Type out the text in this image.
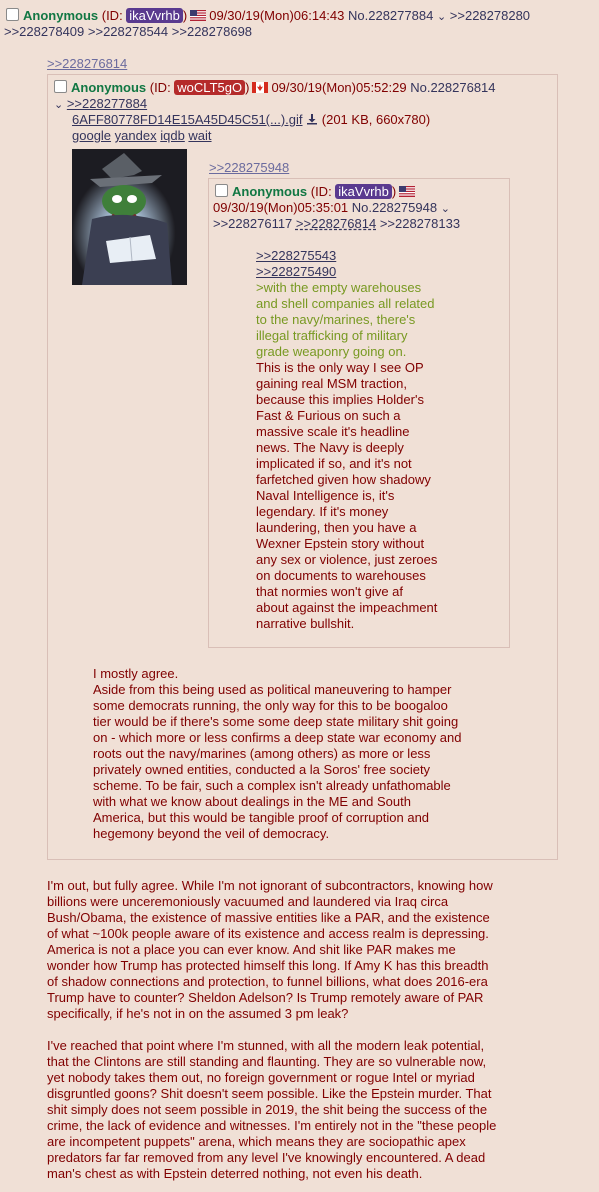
Anonymous (ID: ikaVvrhb ) 09/30/19(Mon)06:14:43 No.228277884 ⌄ >>228278280
>>228278409 >>228278544 >>228278698
>>228276814
Anonymous (ID: woCLT5gO ) 09/30/19(Mon)05:52:29 No.228276814
⌄ >>228277884
6AFF80778FD14E15A45D45C51(...).gif (201 KB, 660x780)
google yandex iqdb wait
>>228275948
Anonymous (ID: ikaVvrhb )
09/30/19(Mon)05:35:01 No.228275948 ⌄
>>228276117 >>228276814 >>228278133
>>228275543
>>228275490
>with the empty warehouses
and shell companies all related
to the navy/marines, there's
illegal trafficking of military
grade weaponry going on.
This is the only way I see OP
gaining real MSM traction,
because this implies Holder's
Fast & Furious on such a
massive scale it's headline
news. The Navy is deeply
implicated if so, and it's not
farfetched given how shadowy
Naval Intelligence is, it's
legendary. If it's money
laundering, then you have a
Wexner Epstein story without
any sex or violence, just zeroes
on documents to warehouses
that normies won't give af
about against the impeachment
narrative bullshit.
I mostly agree.
Aside from this being used as political maneuvering to hamper
some democrats running, the only way for this to be boogaloo
tier would be if there's some some deep state military shit going
on - which more or less confirms a deep state war economy and
roots out the navy/marines (among others) as more or less
privately owned entities, conducted a la Soros' free society
scheme. To be fair, such a complex isn't already unfathomable
with what we know about dealings in the ME and South
America, but this would be tangible proof of corruption and
hegemony beyond the veil of democracy.
I'm out, but fully agree. While I'm not ignorant of subcontractors, knowing how
billions were unceremoniously vacuumed and laundered via Iraq circa
Bush/Obama, the existence of massive entities like a PAR, and the existence
of what ~100k people aware of its existence and access realm is depressing.
America is not a place you can ever know. And shit like PAR makes me
wonder how Trump has protected himself this long. If Amy K has this breadth
of shadow connections and protection, to funnel billions, what does 2016-era
Trump have to counter? Sheldon Adelson? Is Trump remotely aware of PAR
specifically, if he's not in on the assumed 3 pm leak?

I've reached that point where I'm stunned, with all the modern leak potential,
that the Clintons are still standing and flaunting. They are so vulnerable now,
yet nobody takes them out, no foreign government or rogue Intel or myriad
disgruntled goons? Shit doesn't seem possible. Like the Epstein murder. That
shit simply does not seem possible in 2019, the shit being the success of the
crime, the lack of evidence and witnesses. I'm entirely not in the "these people
are incompetent puppets" arena, which means they are sociopathic apex
predators far far removed from any level I've knowingly encountered. A dead
man's chest as with Epstein deterred nothing, not even his death.
